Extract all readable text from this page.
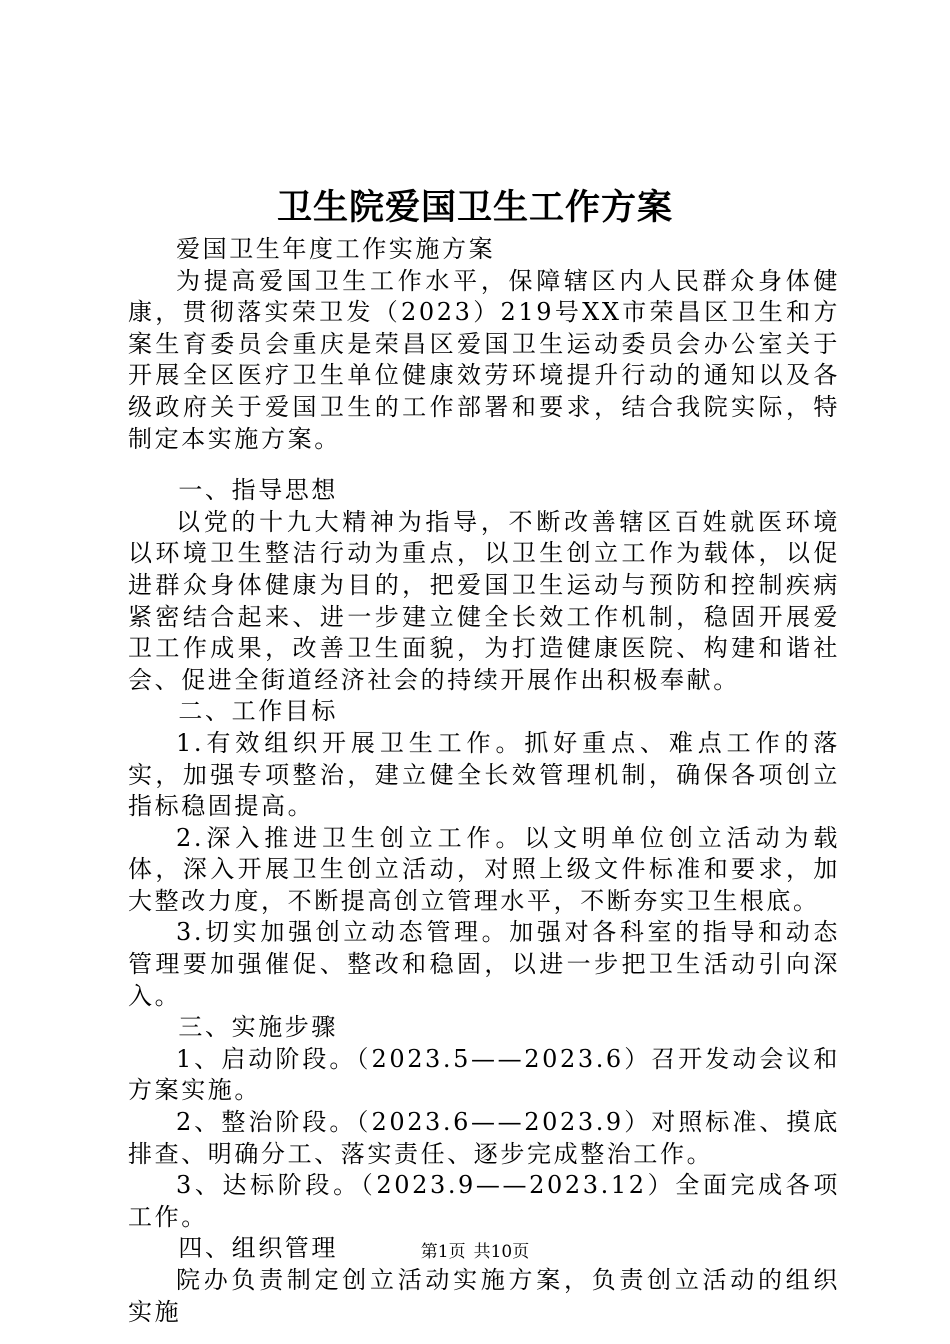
卫生院爱国卫生工作方案

爱国卫生年度工作实施方案

为提高爱国卫生工作水平，保障辖区内人民群众身体健康，贯彻落实荣卫发（2023）219号XX市荣昌区卫生和方案生育委员会重庆是荣昌区爱国卫生运动委员会办公室关于开展全区医疗卫生单位健康效劳环境提升行动的通知以及各级政府关于爱国卫生的工作部署和要求，结合我院实际，特制定本实施方案。

一、指导思想

以党的十九大精神为指导，不断改善辖区百姓就医环境以环境卫生整洁行动为重点，以卫生创立工作为载体，以促进群众身体健康为目的，把爱国卫生运动与预防和控制疾病紧密结合起来、进一步建立健全长效工作机制，稳固开展爱卫工作成果，改善卫生面貌，为打造健康医院、构建和谐社会、促进全街道经济社会的持续开展作出积极奉献。

二、工作目标

1.有效组织开展卫生工作。抓好重点、难点工作的落实，加强专项整治，建立健全长效管理机制，确保各项创立指标稳固提高。

2.深入推进卫生创立工作。以文明单位创立活动为载体，深入开展卫生创立活动，对照上级文件标准和要求，加大整改力度，不断提高创立管理水平，不断夯实卫生根底。

3.切实加强创立动态管理。加强对各科室的指导和动态管理要加强催促、整改和稳固，以进一步把卫生活动引向深入。

三、实施步骤

1、启动阶段。（2023.5——2023.6）召开发动会议和方案实施。

2、整治阶段。（2023.6——2023.9）对照标准、摸底排查、明确分工、落实责任、逐步完成整治工作。

3、达标阶段。（2023.9——2023.12）全面完成各项工作。

四、组织管理

院办负责制定创立活动实施方案，负责创立活动的组织实施

第1页 共10页
